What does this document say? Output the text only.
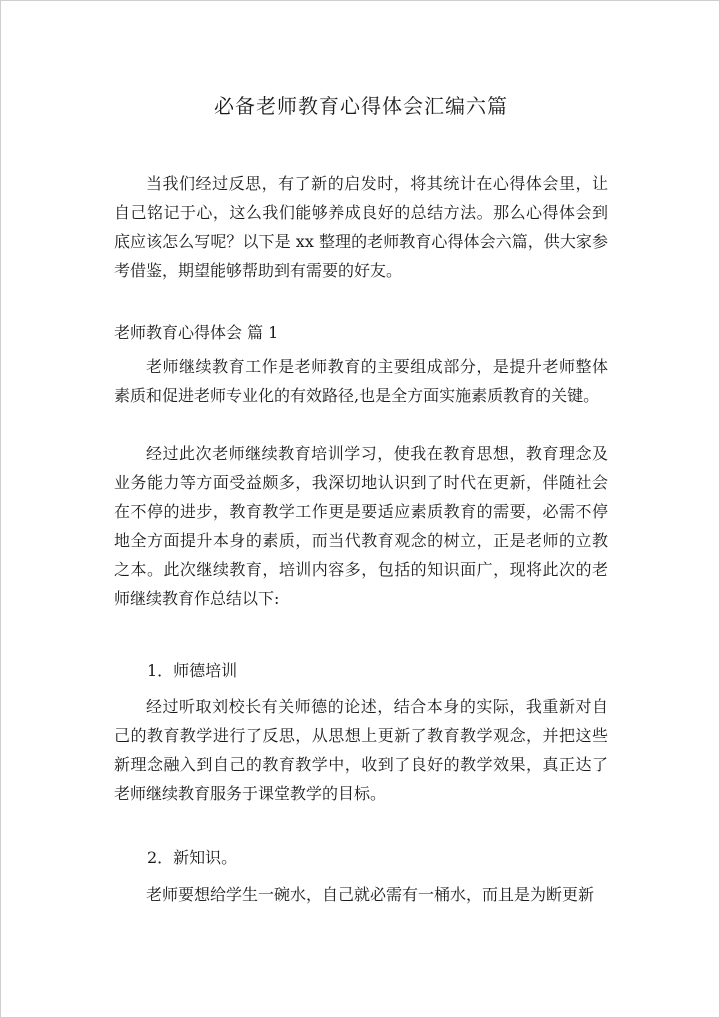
必备老师教育心得体会汇编六篇

当我们经过反思，有了新的启发时，将其统计在心得体会里，让自己铭记于心，这么我们能够养成良好的总结方法。那么心得体会到底应该怎么写呢？以下是 xx 整理的老师教育心得体会六篇，供大家参考借鉴，期望能够帮助到有需要的好友。

老师教育心得体会 篇 1

老师继续教育工作是老师教育的主要组成部分，是提升老师整体素质和促进老师专业化的有效路径,也是全方面实施素质教育的关键。

经过此次老师继续教育培训学习，使我在教育思想，教育理念及业务能力等方面受益颇多，我深切地认识到了时代在更新，伴随社会在不停的进步，教育教学工作更是要适应素质教育的需要，必需不停地全方面提升本身的素质，而当代教育观念的树立，正是老师的立教之本。此次继续教育，培训内容多，包括的知识面广，现将此次的老师继续教育作总结以下:

1．师德培训

经过听取刘校长有关师德的论述，结合本身的实际，我重新对自己的教育教学进行了反思，从思想上更新了教育教学观念，并把这些新理念融入到自己的教育教学中，收到了良好的教学效果，真正达了老师继续教育服务于课堂教学的目标。

2．新知识。

老师要想给学生一碗水，自己就必需有一桶水，而且是为断更新
